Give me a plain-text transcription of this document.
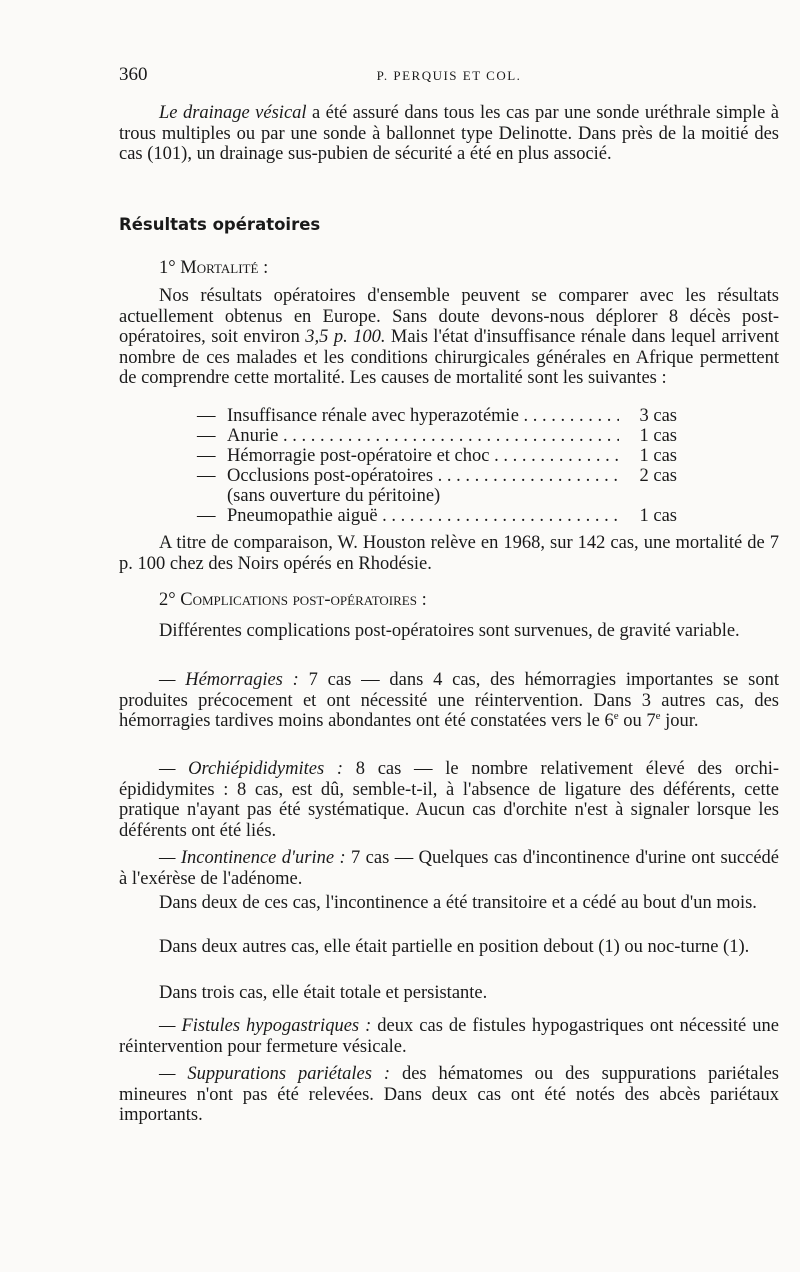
360	P. PERQUIS ET COL.

Le drainage vésical a été assuré dans tous les cas par une sonde uréthrale simple à trous multiples ou par une sonde à ballonnet type Delinotte. Dans près de la moitié des cas (101), un drainage sus-pubien de sécurité a été en plus associé.

Résultats opératoires
1° Mortalité :

Nos résultats opératoires d'ensemble peuvent se comparer avec les résultats actuellement obtenus en Europe. Sans doute devons-nous déplorer 8 décès post-opératoires, soit environ 3,5 p. 100. Mais l'état d'insuffisance rénale dans lequel arrivent nombre de ces malades et les conditions chirurgicales générales en Afrique permettent de comprendre cette mortalité. Les causes de mortalité sont les suivantes :

— Insuffisance rénale avec hyperazotémie . . .	3 cas
— Anurie . . .	1 cas
— Hémorragie post-opératoire et choc . . .	1 cas
— Occlusions post-opératoires . . .	2 cas
(sans ouverture du péritoine)
— Pneumopathie aiguë . . .	1 cas

A titre de comparaison, W. Houston relève en 1968, sur 142 cas, une mortalité de 7 p. 100 chez des Noirs opérés en Rhodésie.

2° Complications post-opératoires :

Différentes complications post-opératoires sont survenues, de gravité variable.

— Hémorragies : 7 cas — dans 4 cas, des hémorragies importantes se sont produites précocement et ont nécessité une réintervention. Dans 3 autres cas, des hémorragies tardives moins abondantes ont été constatées vers le 6e ou 7e jour.

— Orchiépididymites : 8 cas — le nombre relativement élevé des orchi-épididymites : 8 cas, est dû, semble-t-il, à l'absence de ligature des déférents, cette pratique n'ayant pas été systématique. Aucun cas d'orchite n'est à signaler lorsque les déférents ont été liés.

— Incontinence d'urine : 7 cas — Quelques cas d'incontinence d'urine ont succédé à l'exérèse de l'adénome.

Dans deux de ces cas, l'incontinence a été transitoire et a cédé au bout d'un mois.

Dans deux autres cas, elle était partielle en position debout (1) ou noc-turne (1).

Dans trois cas, elle était totale et persistante.

— Fistules hypogastriques : deux cas de fistules hypogastriques ont nécessité une réintervention pour fermeture vésicale.

— Suppurations pariétales : des hématomes ou des suppurations pariétales mineures n'ont pas été relevées. Dans deux cas ont été notés des abcès pariétaux importants.
